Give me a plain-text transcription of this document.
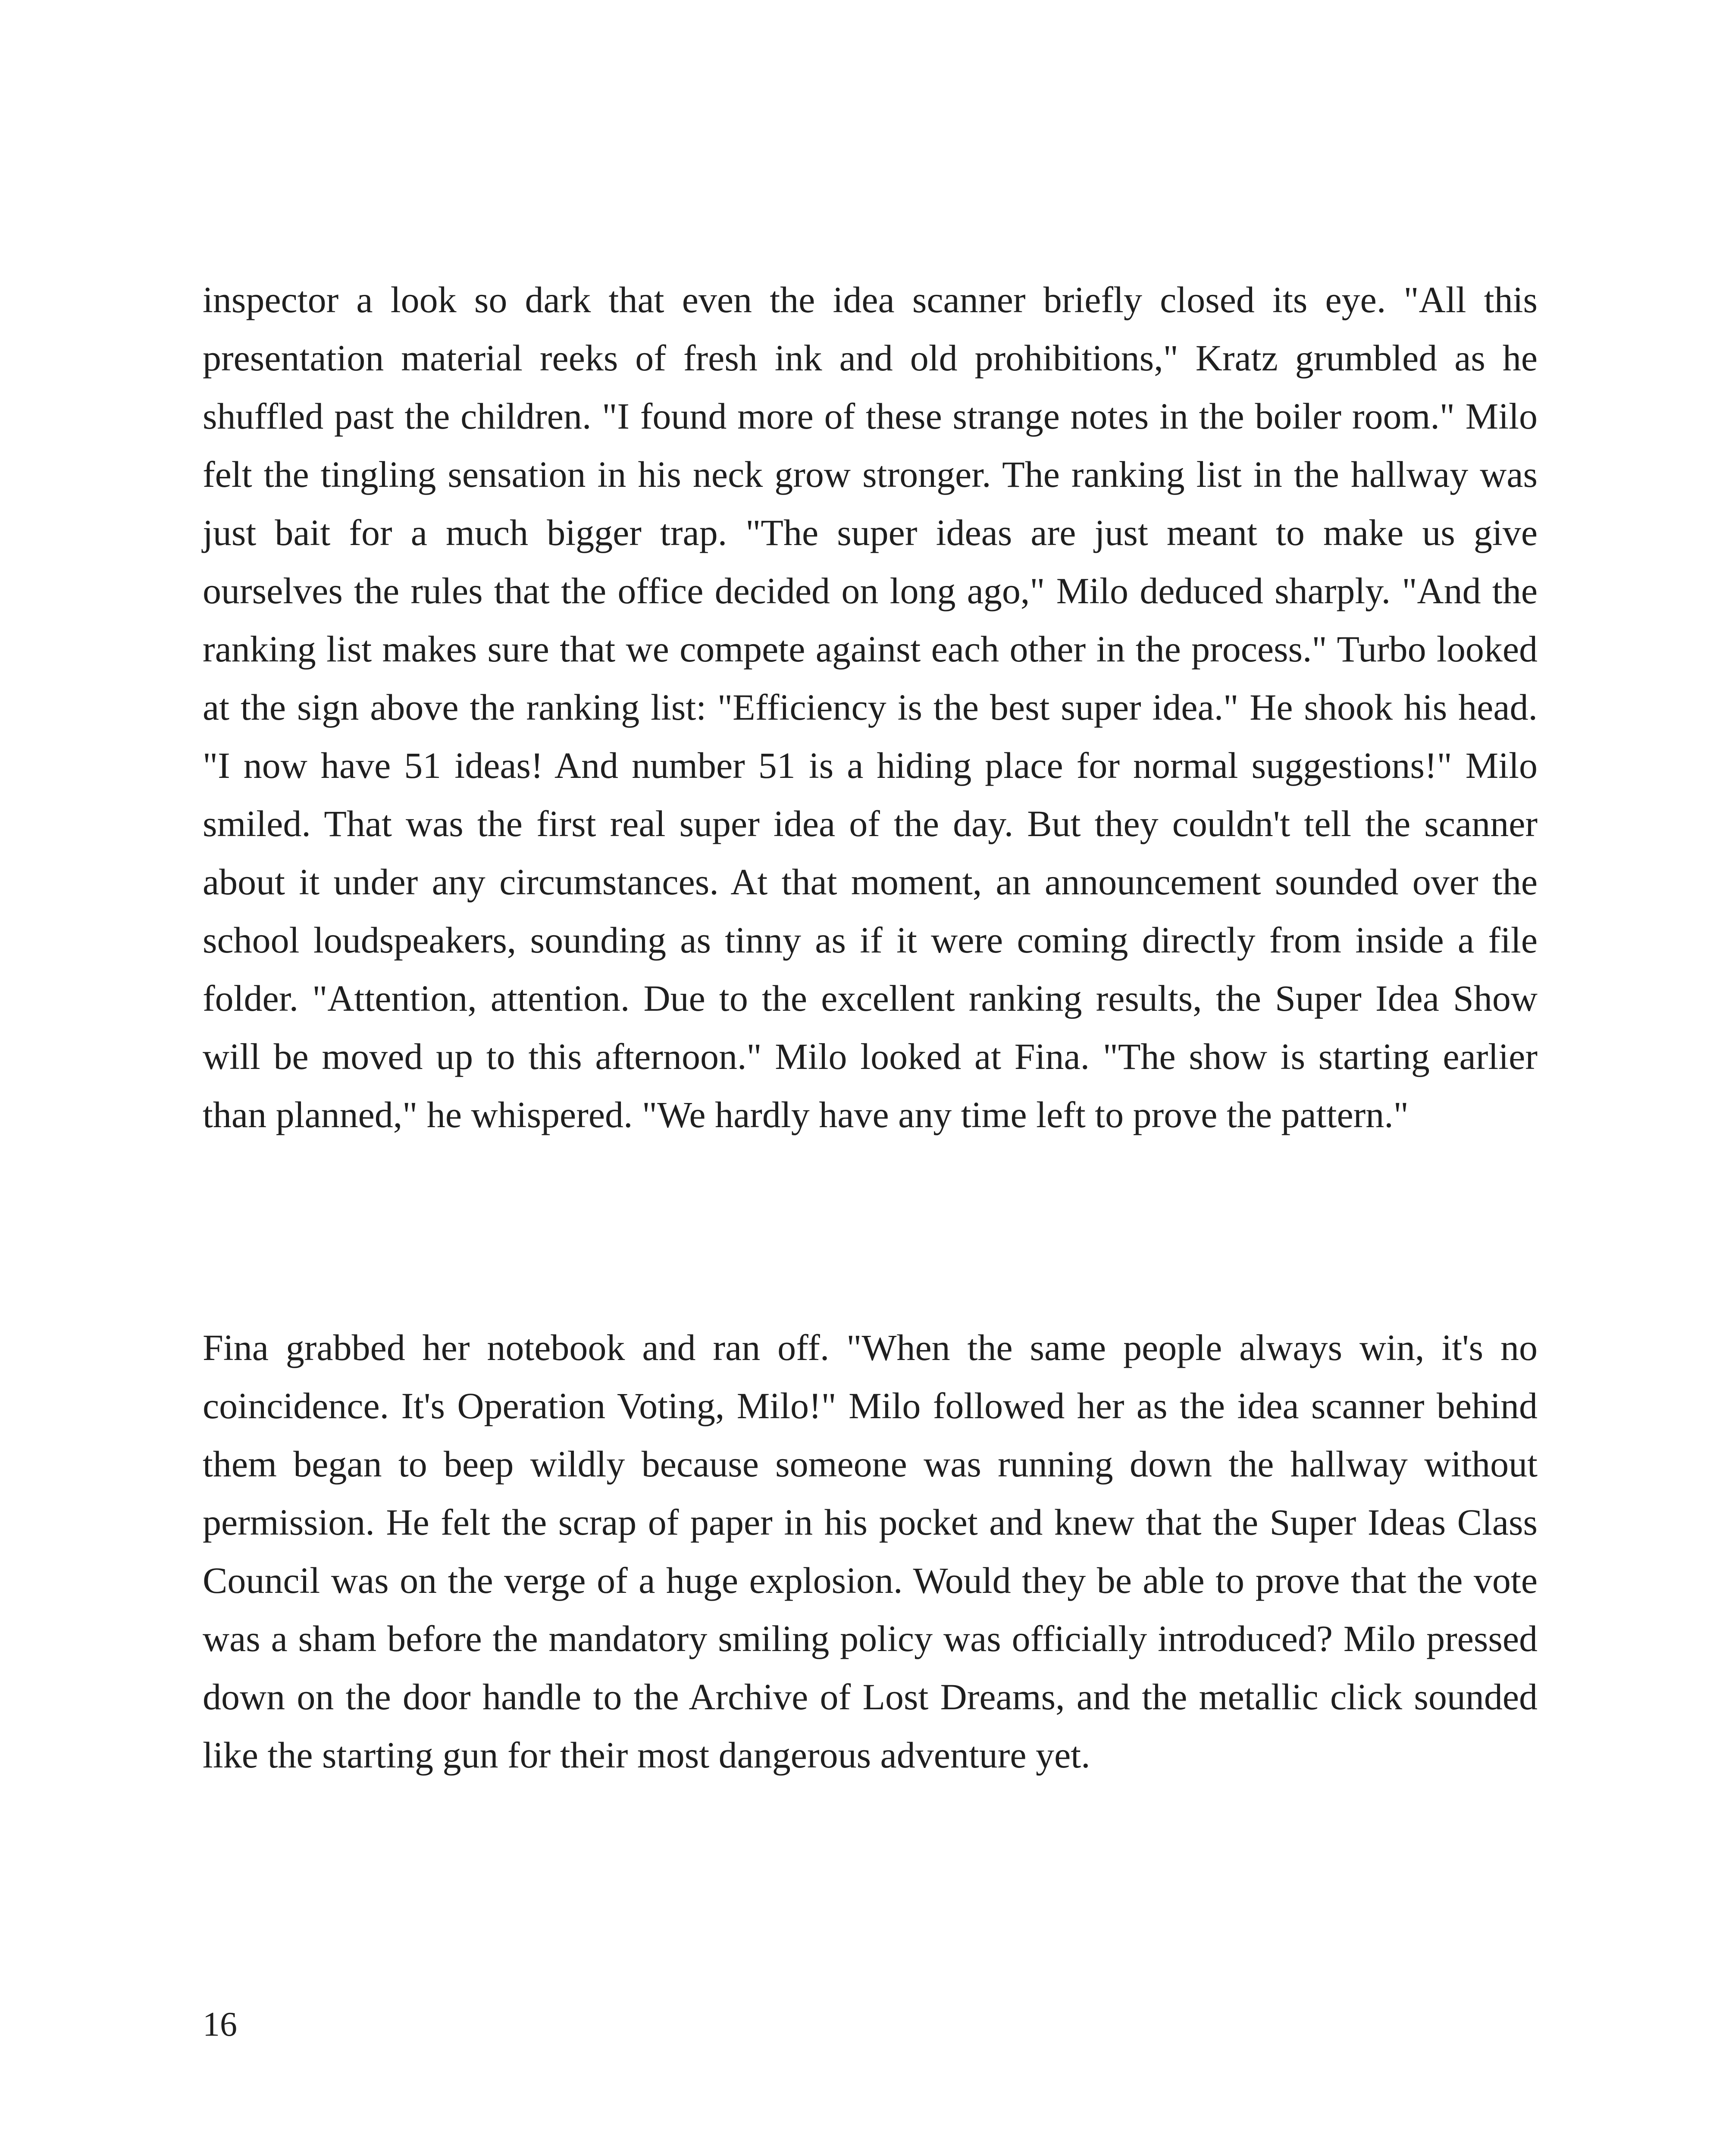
inspector a look so dark that even the idea scanner briefly closed its eye. "All this presentation material reeks of fresh ink and old prohibitions," Kratz grumbled as he shuffled past the children. "I found more of these strange notes in the boiler room." Milo felt the tingling sensation in his neck grow stronger. The ranking list in the hallway was just bait for a much bigger trap. "The super ideas are just meant to make us give ourselves the rules that the office decided on long ago," Milo deduced sharply. "And the ranking list makes sure that we compete against each other in the process." Turbo looked at the sign above the ranking list: "Efficiency is the best super idea." He shook his head. "I now have 51 ideas! And number 51 is a hiding place for normal suggestions!" Milo smiled. That was the first real super idea of the day. But they couldn't tell the scanner about it under any circumstances. At that moment, an announcement sounded over the school loudspeakers, sounding as tinny as if it were coming directly from inside a file folder. "Attention, attention. Due to the excellent ranking results, the Super Idea Show will be moved up to this afternoon." Milo looked at Fina. "The show is starting earlier than planned," he whispered. "We hardly have any time left to prove the pattern."

Fina grabbed her notebook and ran off. "When the same people always win, it's no coincidence. It's Operation Voting, Milo!" Milo followed her as the idea scanner behind them began to beep wildly because someone was running down the hallway without permission. He felt the scrap of paper in his pocket and knew that the Super Ideas Class Council was on the verge of a huge explosion. Would they be able to prove that the vote was a sham before the mandatory smiling policy was officially introduced? Milo pressed down on the door handle to the Archive of Lost Dreams, and the metallic click sounded like the starting gun for their most dangerous adventure yet.

16
